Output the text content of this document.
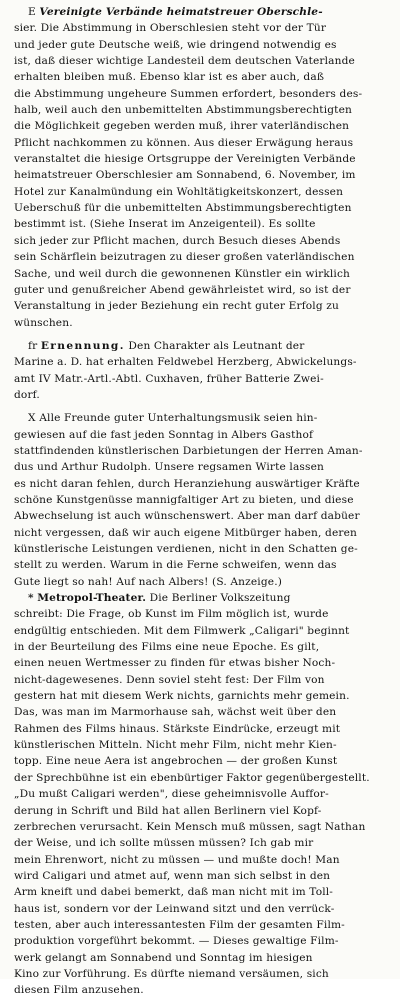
E Vereinigte Verbände heimatstreuer Oberschle-
sier. Die Abstimmung in Oberschlesien steht vor der Tür
und jeder gute Deutsche weiß, wie dringend notwendig es
ist, daß dieser wichtige Landesteil dem deutschen Vaterlande
erhalten bleiben muß. Ebenso klar ist es aber auch, daß
die Abstimmung ungeheure Summen erfordert, besonders des-
halb, weil auch den unbemittelten Abstimmungsberechtigten
die Möglichkeit gegeben werden muß, ihrer vaterländischen
Pflicht nachkommen zu können. Aus dieser Erwägung heraus
veranstaltet die hiesige Ortsgruppe der Vereinigten Verbände
heimatstreuer Oberschlesier am Sonnabend, 6. November, im
Hotel zur Kanalmündung ein Wohltätigkeitskonzert, dessen
Ueberschuß für die unbemittelten Abstimmungsberechtigten
bestimmt ist. (Siehe Inserat im Anzeigenteil). Es sollte
sich jeder zur Pflicht machen, durch Besuch dieses Abends
sein Schärflein beizutragen zu dieser großen vaterländischen
Sache, und weil durch die gewonnenen Künstler ein wirklich
guter und genußreicher Abend gewährleistet wird, so ist der
Veranstaltung in jeder Beziehung ein recht guter Erfolg zu
wünschen.
fr Ernennung. Den Charakter als Leutnant der
Marine a. D. hat erhalten Feldwebel Herzberg, Abwickelungs-
amt IV Matr.-Artl.-Abtl. Cuxhaven, früher Batterie Zwei-
dorf.
X Alle Freunde guter Unterhaltungsmusik seien hin-
gewiesen auf die fast jeden Sonntag in Albers Gasthof
stattfindenden künstlerischen Darbietungen der Herren Aman-
dus und Arthur Rudolph. Unsere regsamen Wirte lassen
es nicht daran fehlen, durch Heranziehung auswärtiger Kräfte
schöne Kunstgenüsse mannigfaltiger Art zu bieten, und diese
Abwechselung ist auch wünschenswert. Aber man darf dabüer
nicht vergessen, daß wir auch eigene Mitbürger haben, deren
künstlerische Leistungen verdienen, nicht in den Schatten ge-
stellt zu werden. Warum in die Ferne schweifen, wenn das
Gute liegt so nah! Auf nach Albers! (S. Anzeige.)
* Metropol-Theater. Die Berliner Volkszeitung
schreibt: Die Frage, ob Kunst im Film möglich ist, wurde
endgültig entschieden. Mit dem Filmwerk „Caligari" beginnt
in der Beurteilung des Films eine neue Epoche. Es gilt,
einen neuen Wertmesser zu finden für etwas bisher Noch-
nicht-dagewesenes. Denn soviel steht fest: Der Film von
gestern hat mit diesem Werk nichts, garnichts mehr gemein.
Das, was man im Marmorhause sah, wächst weit über den
Rahmen des Films hinaus. Stärkste Eindrücke, erzeugt mit
künstlerischen Mitteln. Nicht mehr Film, nicht mehr Kien-
topp. Eine neue Aera ist angebrochen — der großen Kunst
der Sprechbühne ist ein ebenbürtiger Faktor gegenübergestellt.
„Du mußt Caligari werden", diese geheimnisvolle Auffor-
derung in Schrift und Bild hat allen Berlinern viel Kopf-
zerbrechen verursacht. Kein Mensch muß müssen, sagt Nathan
der Weise, und ich sollte müssen müssen? Ich gab mir
mein Ehrenwort, nicht zu müssen — und mußte doch! Man
wird Caligari und atmet auf, wenn man sich selbst in den
Arm kneift und dabei bemerkt, daß man nicht mit im Toll-
haus ist, sondern vor der Leinwand sitzt und den verrück-
testen, aber auch interessantesten Film der gesamten Film-
produktion vorgeführt bekommt. — Dieses gewaltige Film-
werk gelangt am Sonnabend und Sonntag im hiesigen
Kino zur Vorführung. Es dürfte niemand versäumen, sich
diesen Film anzusehen.
